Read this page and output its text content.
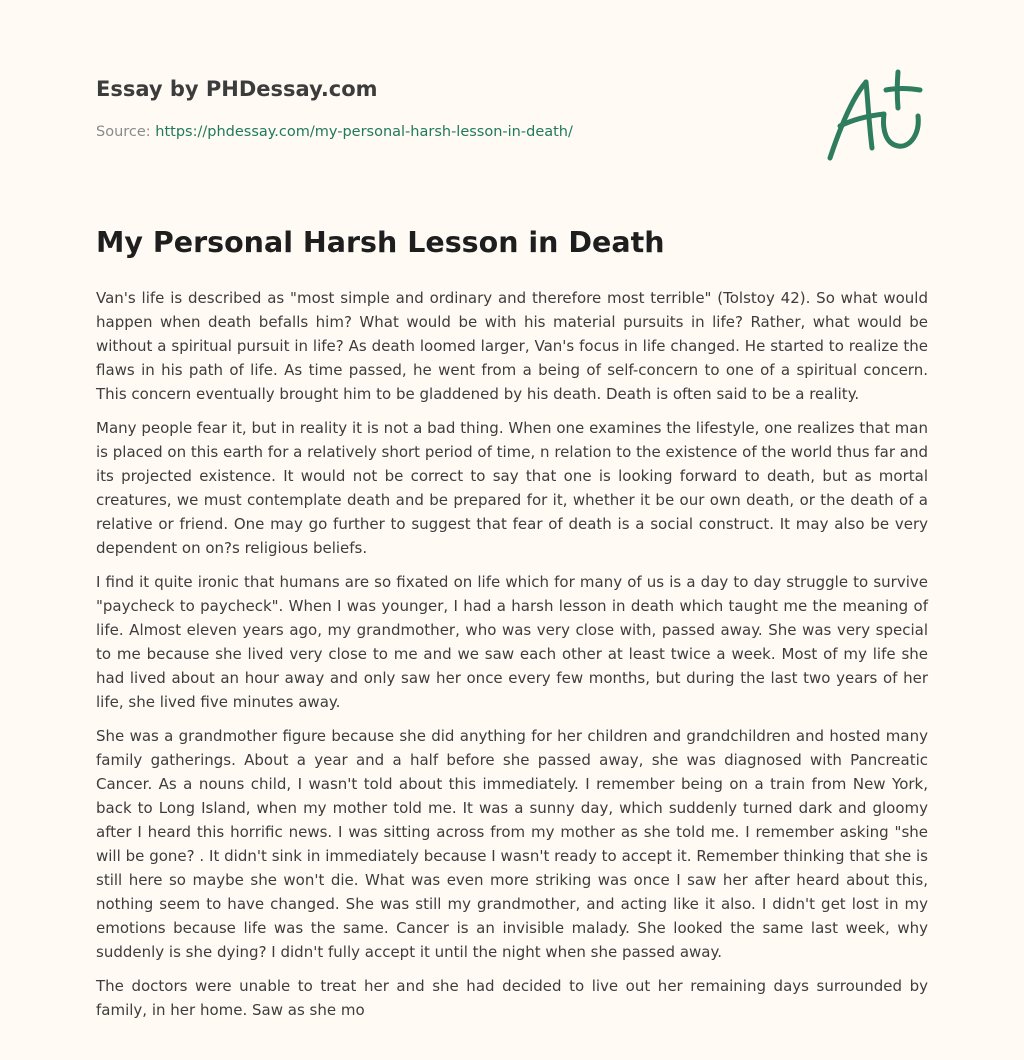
Essay by PHDessay.com
Source: https://phdessay.com/my-personal-harsh-lesson-in-death/
My Personal Harsh Lesson in Death

Van's life is described as "most simple and ordinary and therefore most terrible" (Tolstoy 42). So what would happen when death befalls him? What would be with his material pursuits in life? Rather, what would be without a spiritual pursuit in life? As death loomed larger, Van's focus in life changed. He started to realize the flaws in his path of life. As time passed, he went from a being of self-concern to one of a spiritual concern. This concern eventually brought him to be gladdened by his death. Death is often said to be a reality.

Many people fear it, but in reality it is not a bad thing. When one examines the lifestyle, one realizes that man is placed on this earth for a relatively short period of time, n relation to the existence of the world thus far and its projected existence. It would not be correct to say that one is looking forward to death, but as mortal creatures, we must contemplate death and be prepared for it, whether it be our own death, or the death of a relative or friend. One may go further to suggest that fear of death is a social construct. It may also be very dependent on on?s religious beliefs.

I find it quite ironic that humans are so fixated on life which for many of us is a day to day struggle to survive "paycheck to paycheck". When I was younger, I had a harsh lesson in death which taught me the meaning of life. Almost eleven years ago, my grandmother, who was very close with, passed away. She was very special to me because she lived very close to me and we saw each other at least twice a week. Most of my life she had lived about an hour away and only saw her once every few months, but during the last two years of her life, she lived five minutes away.

She was a grandmother figure because she did anything for her children and grandchildren and hosted many family gatherings. About a year and a half before she passed away, she was diagnosed with Pancreatic Cancer. As a nouns child, I wasn't told about this immediately. I remember being on a train from New York, back to Long Island, when my mother told me. It was a sunny day, which suddenly turned dark and gloomy after I heard this horrific news. I was sitting across from my mother as she told me. I remember asking "she will be gone? . It didn't sink in immediately because I wasn't ready to accept it. Remember thinking that she is still here so maybe she won't die. What was even more striking was once I saw her after heard about this, nothing seem to have changed. She was still my grandmother, and acting like it also. I didn't get lost in my emotions because life was the same. Cancer is an invisible malady. She looked the same last week, why suddenly is she dying? I didn't fully accept it until the night when she passed away.

The doctors were unable to treat her and she had decided to live out her remaining days surrounded by family, in her home. Saw as she mo
